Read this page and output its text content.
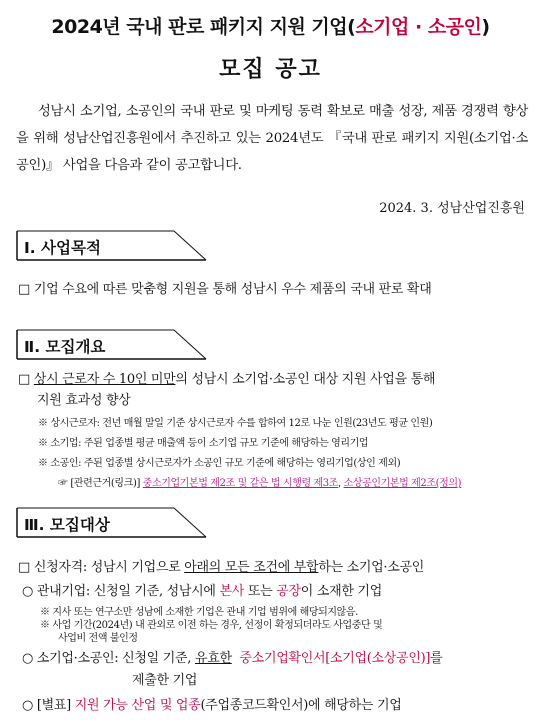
2024년 국내 판로 패키지 지원 기업(소기업 · 소공인)
모집 공고
성남시 소기업, 소공인의 국내 판로 및 마케팅 동력 확보로 매출 성장, 제품 경쟁력 향상을 위해 성남산업진흥원에서 추진하고 있는 2024년도 『국내 판로 패키지 지원(소기업·소공인)』 사업을 다음과 같이 공고합니다.
2024. 3. 성남산업진흥원
Ⅰ. 사업목적
□ 기업 수요에 따른 맞춤형 지원을 통해 성남시 우수 제품의 국내 판로 확대
Ⅱ. 모집개요
□ 상시 근로자 수 10인 미만의 성남시 소기업·소공인 대상 지원 사업을 통해
지원 효과성 향상
※ 상시근로자: 전년 매월 말일 기준 상시근로자 수를 합하여 12로 나눈 인원(23년도 평균 인원)
※ 소기업: 주된 업종별 평균 매출액 등이 소기업 규모 기준에 해당하는 영리기업
※ 소공인: 주된 업종별 상시근로자가 소공인 규모 기준에 해당하는 영리기업(상인 제외)
☞ [관련근거(링크)] 중소기업기본법 제2조 및 같은 법 시행령 제3조, 소상공인기본법 제2조(정의)
Ⅲ. 모집대상
□ 신청자격: 성남시 기업으로 아래의 모든 조건에 부합하는 소기업·소공인
○ 관내기업: 신청일 기준, 성남시에 본사 또는 공장이 소재한 기업
※ 지사 또는 연구소만 성남에 소재한 기업은 관내 기업 범위에 해당되지않음.
※ 사업 기간(2024년) 내 관외로 이전 하는 경우, 선정이 확정되더라도 사업중단 및
사업비 전액 불인정
○ 소기업·소공인: 신청일 기준, 유효한 중소기업확인서[소기업(소상공인)]를
제출한 기업
○ [별표] 지원 가능 산업 및 업종(주업종코드확인서)에 해당하는 기업
